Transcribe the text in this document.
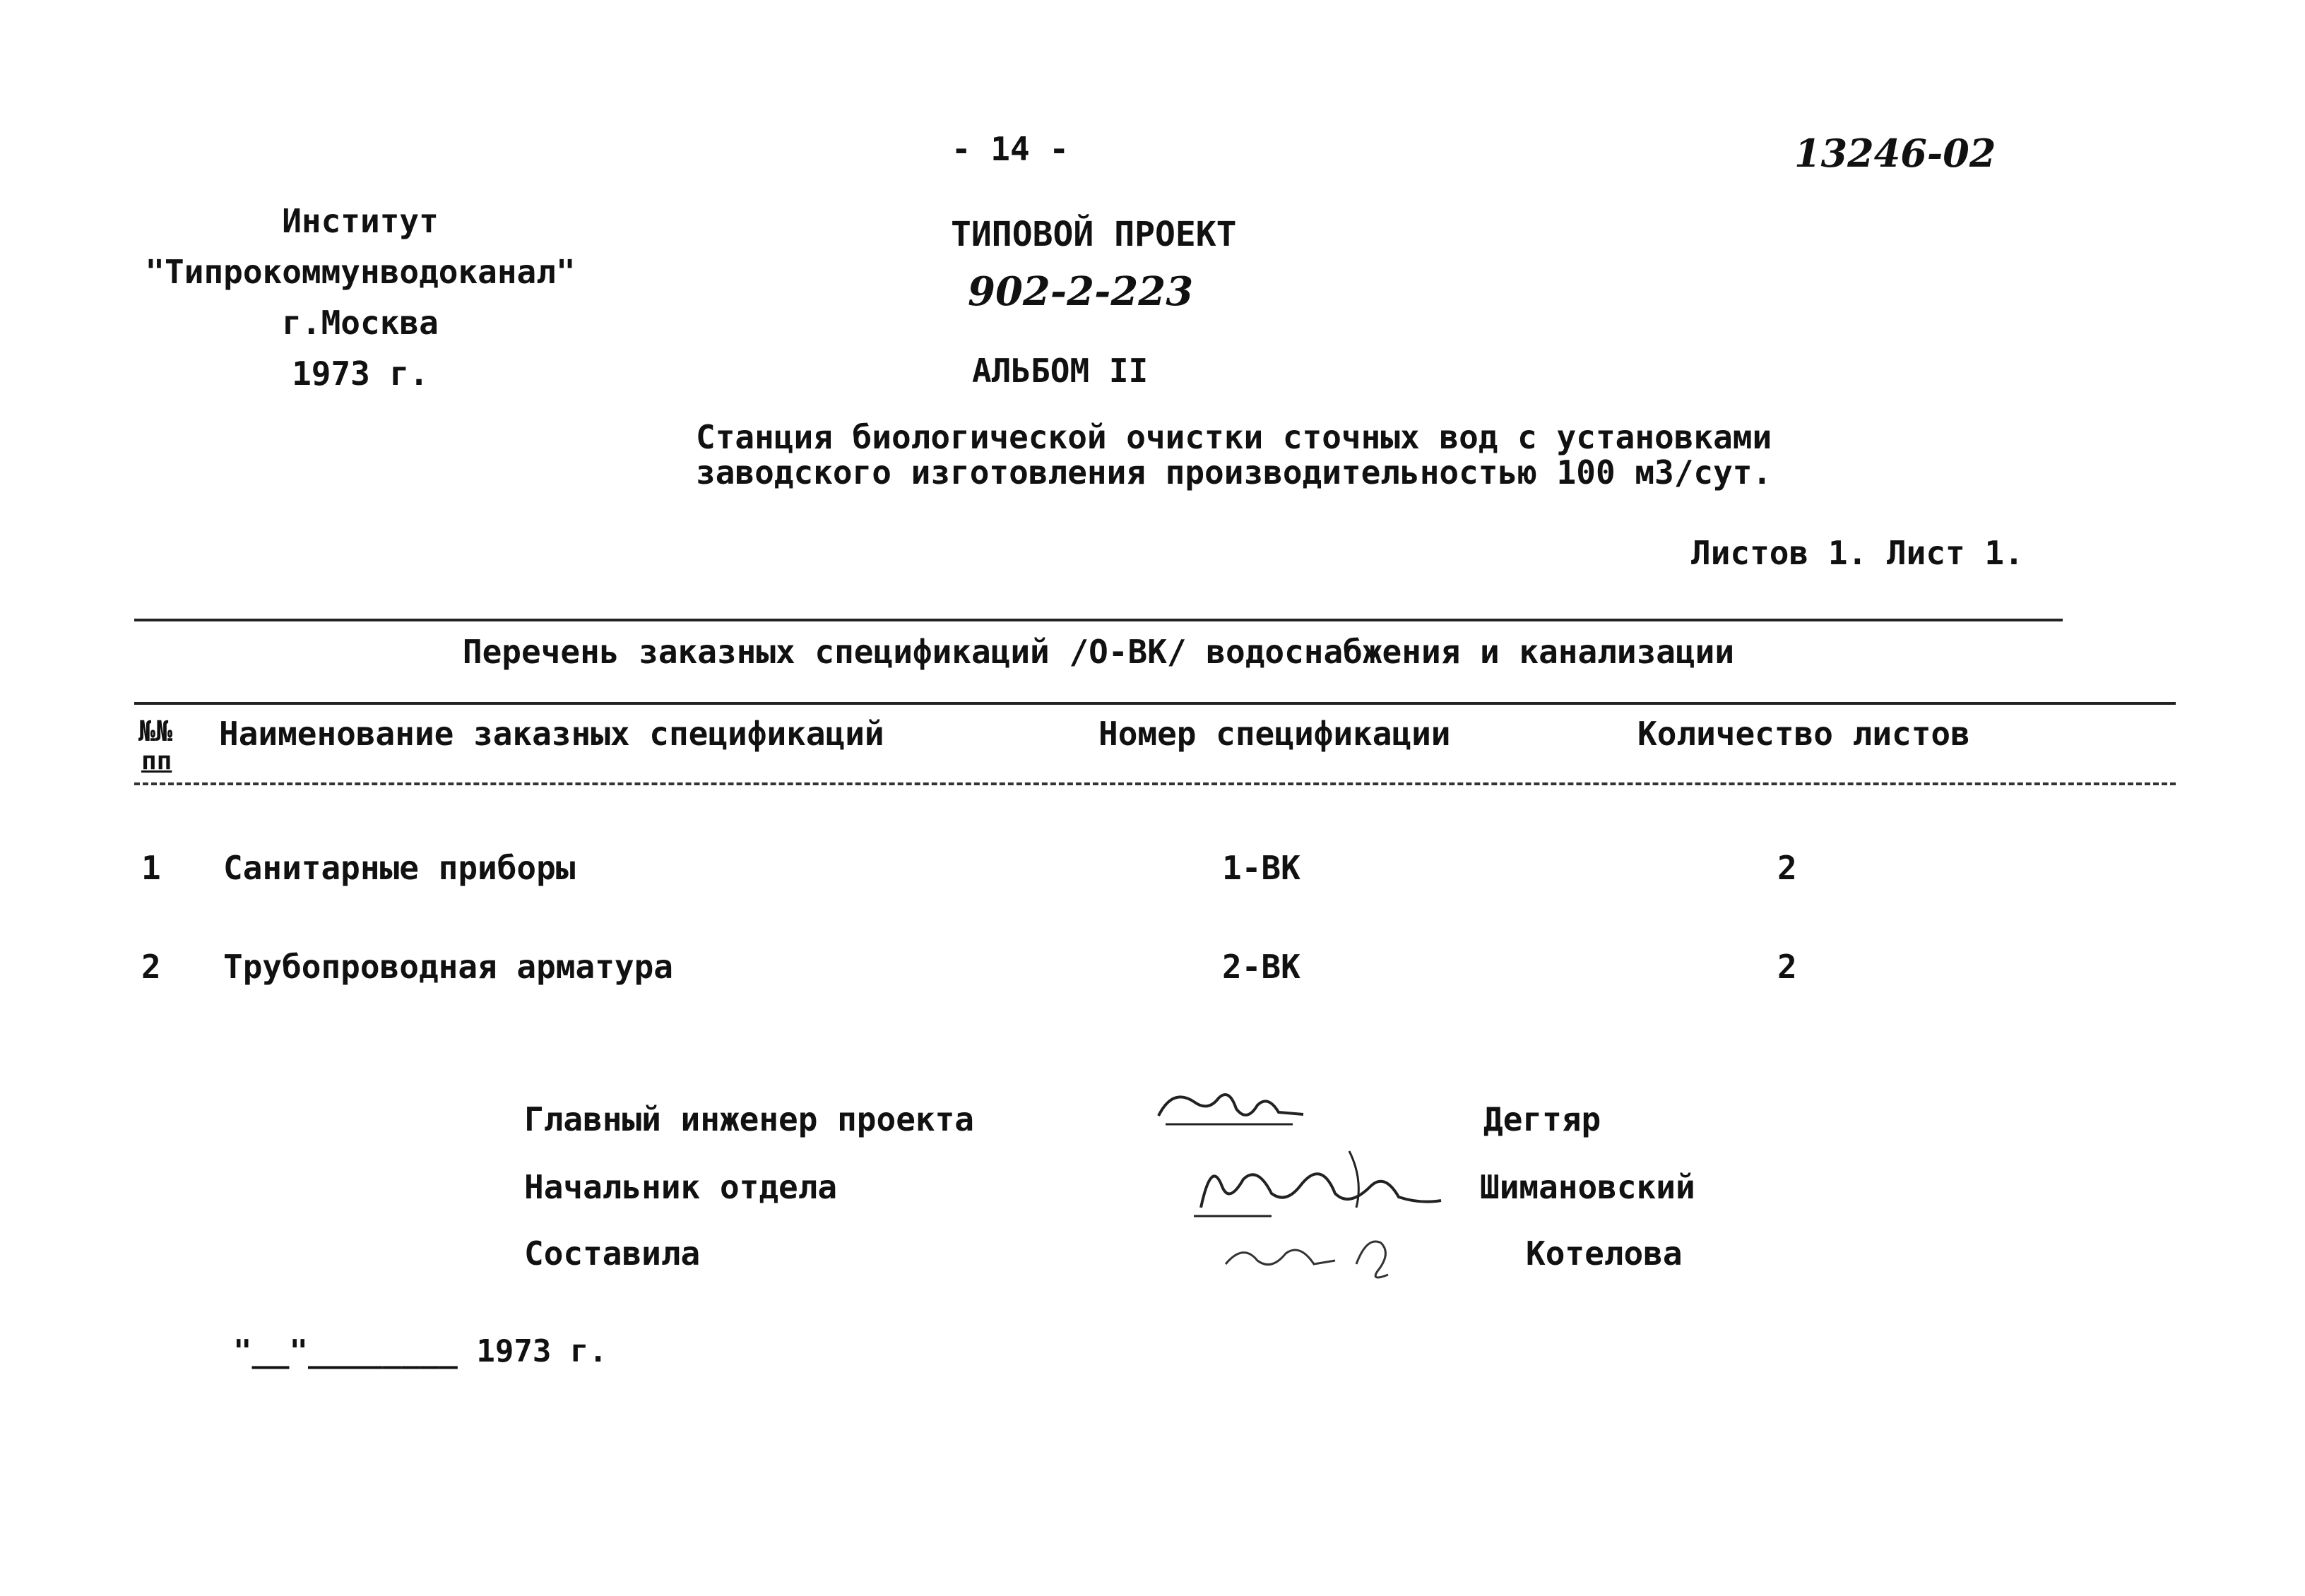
- 14 -	13246-02
Институт
"Типрокоммунводоканал"
г.Москва
1973 г.
ТИПОВОЙ ПРОЕКТ
902-2-223
АЛЬБОМ II
Станция биологической очистки сточных вод с установками
заводского изготовления производительностью 100 м3/сут.
Листов 1. Лист 1.
Перечень заказных спецификаций /О-ВК/ водоснабжения и канализации
№№
пп
Наименование заказных спецификаций	Номер спецификации	Количество листов
1 Санитарные приборы	1-ВК	2
2 Трубопроводная арматура	2-ВК	2
Главный инженер проекта	Дегтяр
Начальник отдела	Шимановский
Составила	Котелова
"__"________ 1973 г.
